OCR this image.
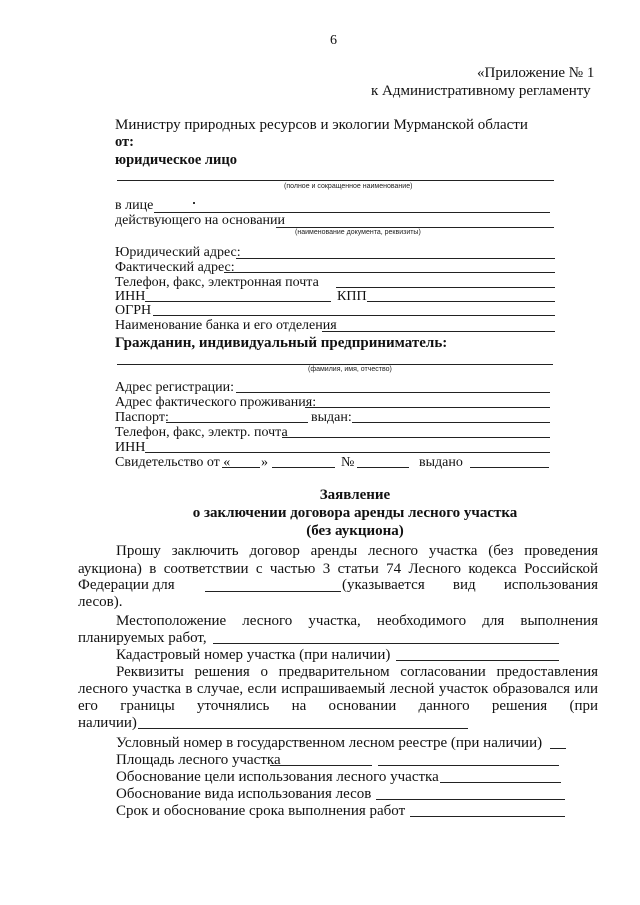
6
«Приложение № 1
к Административному регламенту
Министру природных ресурсов и экологии Мурманской области
от:
юридическое лицо
(полное и сокращенное наименование)
в лице
действующего на основании
(наименование документа, реквизиты)
Юридический адрес:
Фактический адрес:
Телефон, факс, электронная почта
ИНН	КПП
ОГРН
Наименование банка и его отделения
Гражданин, индивидуальный предприниматель:
(фамилия, имя, отчество)
Адрес регистрации:
Адрес фактического проживания:
Паспорт:	выдан:
Телефон, факс, электр. почта
ИНН
Свидетельство от « »	№	выдано
Заявление
о заключении договора аренды лесного участка
(без аукциона)
Прошу заключить договор аренды лесного участка (без проведения
аукциона) в соответствии с частью 3 статьи 74 Лесного кодекса Российской
Федерации для	(указывается вид использования
лесов).
Местоположение лесного участка, необходимого для выполнения
планируемых работ,
Кадастровый номер участка (при наличии)
Реквизиты решения о предварительном согласовании предоставления
лесного участка в случае, если испрашиваемый лесной участок образовался или
его границы уточнялись на основании данного решения (при
наличии)
Условный номер в государственном лесном реестре (при наличии)
Площадь лесного участка
Обоснование цели использования лесного участка
Обоснование вида использования лесов
Срок и обоснование срока выполнения работ
